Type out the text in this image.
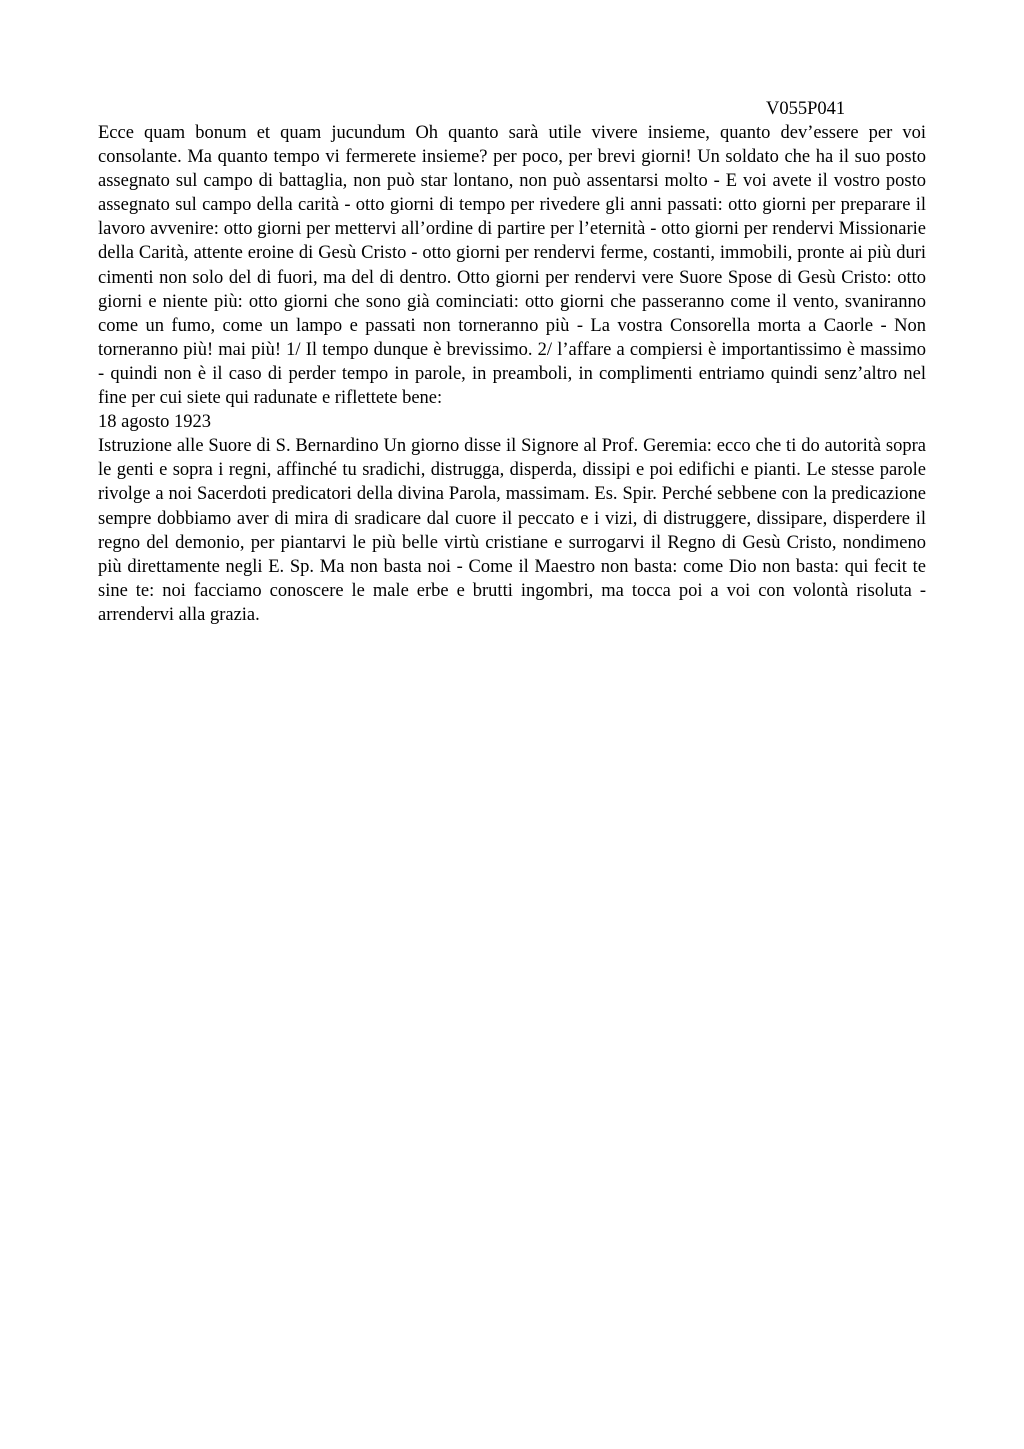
V055P041

Ecce quam bonum et quam jucundum Oh quanto sarà utile vivere insieme, quanto dev’essere per voi consolante. Ma quanto tempo vi fermerete insieme? per poco, per brevi giorni! Un soldato che ha il suo posto assegnato sul campo di battaglia, non può star lontano, non può assentarsi molto - E voi avete il vostro posto assegnato sul campo della carità - otto giorni di tempo per rivedere gli anni passati: otto giorni per preparare il lavoro avvenire: otto giorni per mettervi all’ordine di partire per l’eternità - otto giorni per rendervi Missionarie della Carità, attente eroine di Gesù Cristo - otto giorni per rendervi ferme, costanti, immobili, pronte ai più duri cimenti non solo del di fuori, ma del di dentro. Otto giorni per rendervi vere Suore Spose di Gesù Cristo: otto giorni e niente più: otto giorni che sono già cominciati: otto giorni che passeranno come il vento, svaniranno come un fumo, come un lampo e passati non torneranno più - La vostra Consorella morta a Caorle - Non torneranno più! mai più! 1/ Il tempo dunque è brevissimo. 2/ l’affare a compiersi è importantissimo è massimo - quindi non è il caso di perder tempo in parole, in preamboli, in complimenti entriamo quindi senz’altro nel fine per cui siete qui radunate e riflettete bene:

18 agosto 1923

Istruzione alle Suore di S. Bernardino Un giorno disse il Signore al Prof. Geremia: ecco che ti do autorità sopra le genti e sopra i regni, affinché tu sradichi, distrugga, disperda, dissipi e poi edifichi e pianti. Le stesse parole rivolge a noi Sacerdoti predicatori della divina Parola, massimam. Es. Spir. Perché sebbene con la predicazione sempre dobbiamo aver di mira di sradicare dal cuore il peccato e i vizi, di distruggere, dissipare, disperdere il regno del demonio, per piantarvi le più belle virtù cristiane e surrogarvi il Regno di Gesù Cristo, nondimeno più direttamente negli E. Sp. Ma non basta noi - Come il Maestro non basta: come Dio non basta: qui fecit te sine te: noi facciamo conoscere le male erbe e brutti ingombri, ma tocca poi a voi con volontà risoluta - arrendervi alla grazia.
